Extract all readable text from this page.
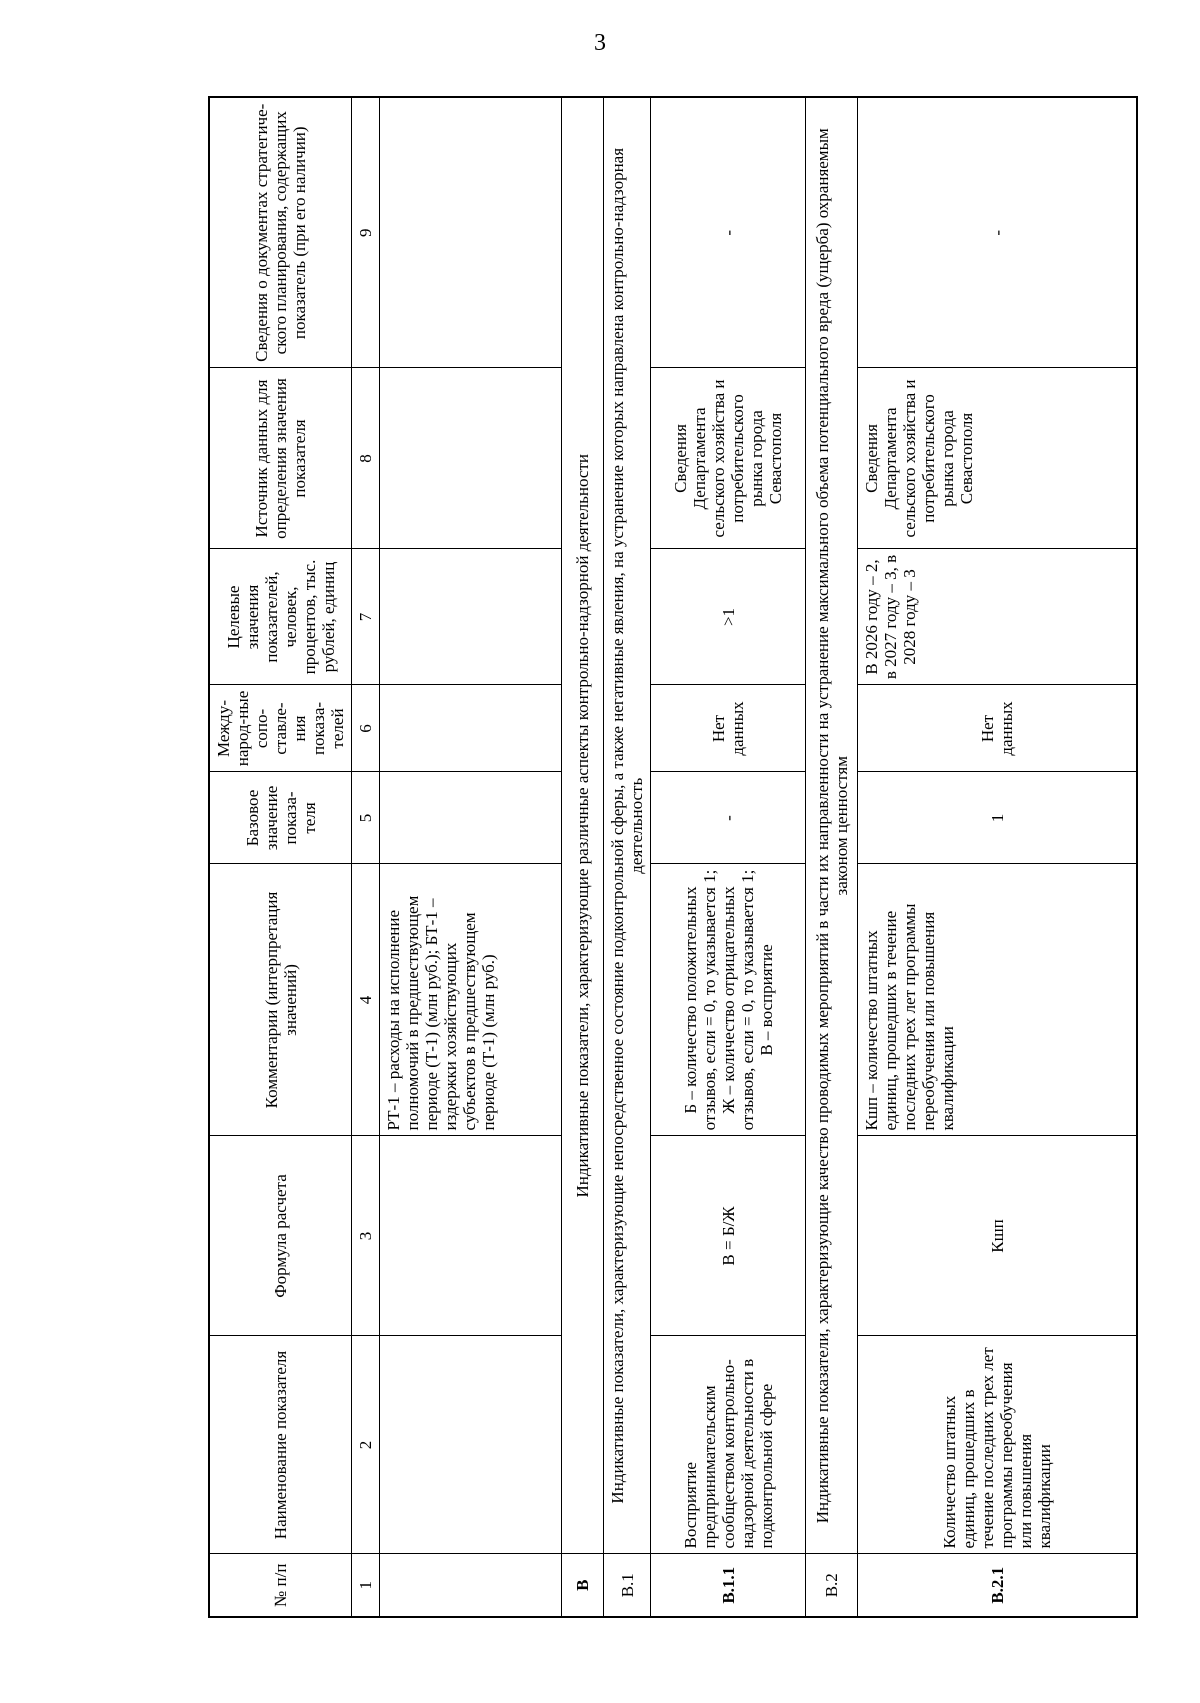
3
№ п/п	Наименование показателя	Формула расчета	Комментарии (интерпретация значений)	Базовое значение показа-теля	Между-народ-ные сопо-ставле-ния показа-телей	Целевые значения показателей, человек, процентов, тыс. рублей, единиц	Источник данных для определения значения показателя	Сведения о документах стратегиче-ского планирования, содержащих показатель (при его наличии)
1	2	3	4	5	6	7	8	9
			РТ-1 – расходы на исполнение полномочий в предшествующем периоде (Т-1) (млн руб.); БТ-1 – издержки хозяйствующих субъектов в предшествующем периоде (Т-1) (млн руб.)					
В	Индикативные показатели, характеризующие различные аспекты контрольно-надзорной деятельности							
В.1	Индикативные показатели, характеризующие непосредственное состояние подконтрольной сферы, а также негативные явления, на устранение которых направлена контрольно-надзорная деятельность							
В.1.1	Восприятие предпринимательским сообществом контрольно-надзорной деятельности в подконтрольной сфере	В = Б/Ж	Б – количество положительных отзывов, если = 0, то указывается 1; Ж – количество отрицательных отзывов, если = 0, то указывается 1; В – восприятие	-	Нет данных	>1	Сведения Департамента сельского хозяйства и потребительского рынка города Севастополя	-
В.2	Индикативные показатели, характеризующие качество проводимых мероприятий в части их направленности на устранение максимального объема потенциального вреда (ущерба) охраняемым законом ценностям							
В.2.1	Количество штатных единиц, прошедших в течение последних трех лет программы переобучения или повышения квалификации	Кшп	Кшп – количество штатных единиц, прошедших в течение последних трех лет программы переобучения или повышения квалификации	1	Нет данных	В 2026 году – 2, в 2027 году – 3, в 2028 году – 3	Сведения Департамента сельского хозяйства и потребительского рынка города Севастополя	-
